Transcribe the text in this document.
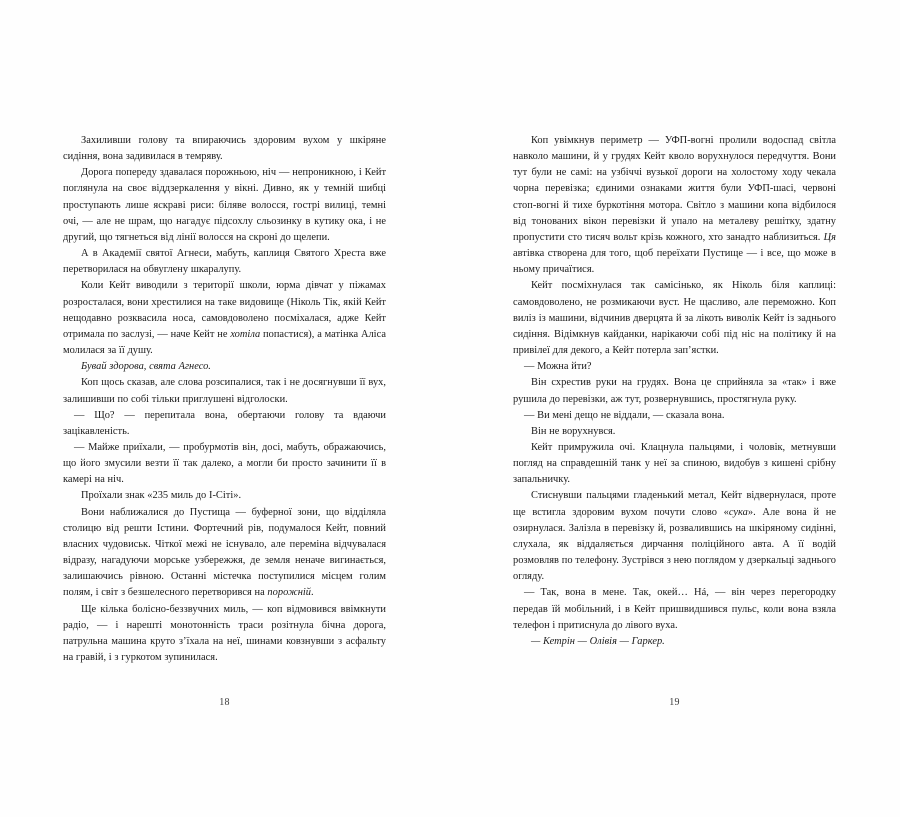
Захиливши голову та впираючись здоровим вухом у шкіряне сидіння, вона задивилася в темряву.

Дорога попереду здавалася порожньою, ніч — непроникною, і Кейт поглянула на своє віддзеркалення у вікні. Дивно, як у темній шибці проступають лише яскраві риси: біляве волосся, гострі вилиці, темні очі, — але не шрам, що нагадує підсохлу сльозинку в кутику ока, і не другий, що тягнеться від лінії волосся на скроні до щелепи.

А в Академії святої Агнеси, мабуть, каплиця Святого Хреста вже перетворилася на обвуглену шкаралупу.

Коли Кейт виводили з території школи, юрма дівчат у піжамах розросталася, вони хрестилися на таке видовище (Ніколь Тік, якій Кейт нещодавно розквасила носа, самовдоволено посміхалася, адже Кейт отримала по заслузі, — наче Кейт не хотіла попастися), а матінка Аліса молилася за її душу.

Бувай здорова, свята Агнесо.

Коп щось сказав, але слова розсипалися, так і не досягнувши її вух, залишивши по собі тільки приглушені відголоски.

— Що? — перепитала вона, обертаючи голову та вдаючи зацікавленість.

— Майже приїхали, — пробурмотів він, досі, мабуть, ображаючись, що його змусили везти її так далеко, а могли би просто зачинити її в камері на ніч.

Проїхали знак «235 миль до І-Сіті».

Вони наближалися до Пустища — буферної зони, що відділяла столицю від решти Істини. Фортечний рів, подумалося Кейт, повний власних чудовиськ. Чіткої межі не існувало, але переміна відчувалася відразу, нагадуючи морське узбережжя, де земля неначе вигинається, залишаючись рівною. Останні містечка поступилися місцем голим полям, і світ з безшелесного перетворився на порожній.

Ще кілька болісно-беззвучних миль, — коп відмовився ввімкнути радіо, — і нарешті монотонність траси розітнула бічна дорога, патрульна машина круто з’їхала на неї, шинами ковзнувши з асфальту на гравій, і з гуркотом зупинилася.

18

Коп увімкнув периметр — УФП-вогні пролили водоспад світла навколо машини, й у грудях Кейт кволо ворухнулося передчуття. Вони тут були не самі: на узбіччі вузької дороги на холостому ходу чекала чорна перевізка; єдиними ознаками життя були УФП-шасі, червоні стоп-вогні й тихе буркотіння мотора. Світло з машини копа відбилося від тонованих вікон перевізки й упало на металеву решітку, здатну пропустити сто тисяч вольт крізь кожного, хто занадто наблизиться. Ця автівка створена для того, щоб переїхати Пустище — і все, що може в ньому причаїтися.

Кейт посміхнулася так самісінько, як Ніколь біля каплиці: самовдоволено, не розмикаючи вуст. Не щасливо, але переможно. Коп виліз із машини, відчинив дверцята й за лікоть виволік Кейт із заднього сидіння. Відімкнув кайданки, нарікаючи собі під ніс на політику й на привілеї для декого, а Кейт потерла зап’ястки.

— Можна йти?

Він схрестив руки на грудях. Вона це сприйняла за «так» і вже рушила до перевізки, аж тут, розвернувшись, простягнула руку.

— Ви мені дещо не віддали, — сказала вона.

Він не ворухнувся.

Кейт примружила очі. Клацнула пальцями, і чоловік, метнувши погляд на справдешній танк у неї за спиною, видобув з кишені срібну запальничку.

Стиснувши пальцями гладенький метал, Кейт відвернулася, проте ще встигла здоровим вухом почути слово «сука». Але вона й не озирнулася. Залізла в перевізку й, розвалившись на шкіряному сидінні, слухала, як віддаляється дирчання поліційного авта. А її водій розмовляв по телефону. Зустрівся з нею поглядом у дзеркальці заднього огляду.

— Так, вона в мене. Так, окей… Нá, — він через перегородку передав їй мобільний, і в Кейт пришвидшився пульс, коли вона взяла телефон і притиснула до лівого вуха.

— Кетрін — Олівія — Гаркер.

19
